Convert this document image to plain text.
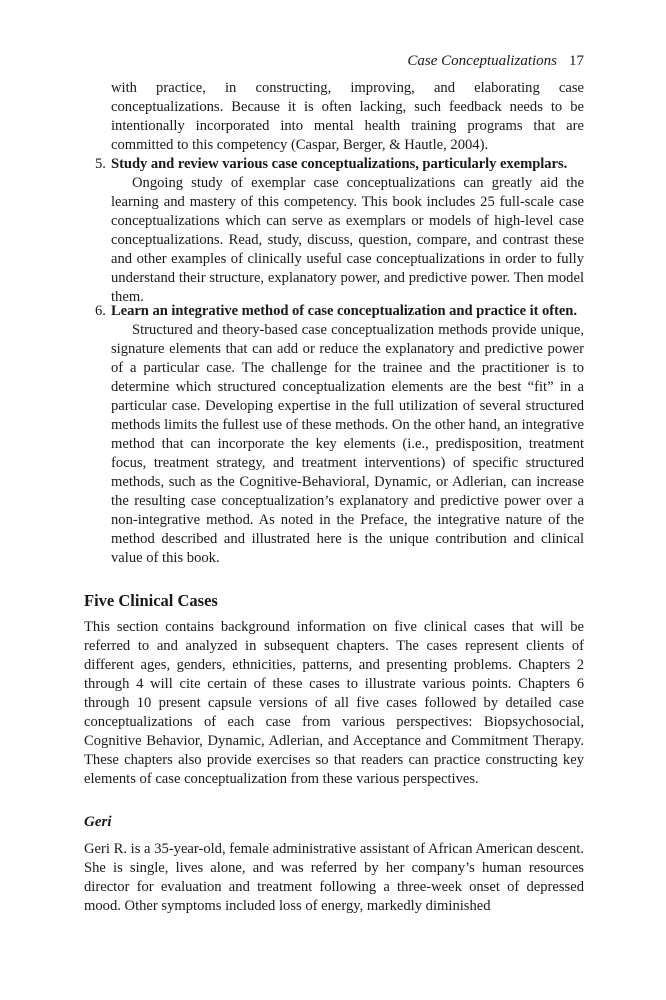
Case Conceptualizations 17
with practice, in constructing, improving, and elaborating case conceptualizations. Because it is often lacking, such feedback needs to be intentionally incorporated into mental health training programs that are committed to this competency (Caspar, Berger, & Hautle, 2004).
5. Study and review various case conceptualizations, particularly exemplars.
Ongoing study of exemplar case conceptualizations can greatly aid the learning and mastery of this competency. This book includes 25 full-scale case conceptualizations which can serve as exemplars or models of high-level case conceptualizations. Read, study, discuss, question, compare, and contrast these and other examples of clinically useful case conceptualizations in order to fully understand their structure, explanatory power, and predictive power. Then model them.
6. Learn an integrative method of case conceptualization and practice it often.
Structured and theory-based case conceptualization methods provide unique, signature elements that can add or reduce the explanatory and predictive power of a particular case. The challenge for the trainee and the practitioner is to determine which structured conceptualization elements are the best “fit” in a particular case. Developing expertise in the full utilization of several structured methods limits the fullest use of these methods. On the other hand, an integrative method that can incorporate the key elements (i.e., predisposition, treatment focus, treatment strategy, and treatment interventions) of specific structured methods, such as the Cognitive-Behavioral, Dynamic, or Adlerian, can increase the resulting case conceptualization’s explanatory and predictive power over a non-integrative method. As noted in the Preface, the integrative nature of the method described and illustrated here is the unique contribution and clinical value of this book.
Five Clinical Cases
This section contains background information on five clinical cases that will be referred to and analyzed in subsequent chapters. The cases represent clients of different ages, genders, ethnicities, patterns, and presenting problems. Chapters 2 through 4 will cite certain of these cases to illustrate various points. Chapters 6 through 10 present capsule versions of all five cases followed by detailed case conceptualizations of each case from various perspectives: Biopsychosocial, Cognitive Behavior, Dynamic, Adlerian, and Acceptance and Commitment Therapy. These chapters also provide exercises so that readers can practice constructing key elements of case conceptualization from these various perspectives.
Geri
Geri R. is a 35-year-old, female administrative assistant of African American descent. She is single, lives alone, and was referred by her company’s human resources director for evaluation and treatment following a three-week onset of depressed mood. Other symptoms included loss of energy, markedly diminished
